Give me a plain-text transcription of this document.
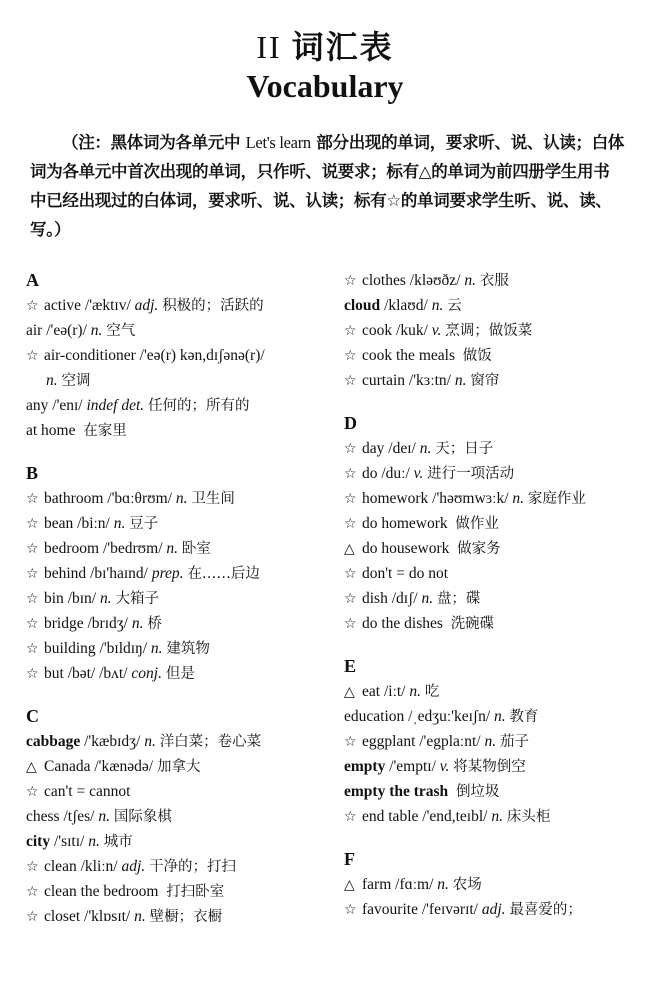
II 词汇表
Vocabulary
（注：黑体词为各单元中 Let's learn 部分出现的单词，要求听、说、认读；白体词为各单元中首次出现的单词，只作听、说要求；标有△的单词为前四册学生用书中已经出现过的白体词，要求听、说、认读；标有☆的单词要求学生听、说、读、写。）
A
☆ active /'æktɪv/ adj. 积极的；活跃的
air /'eə(r)/ n. 空气
☆ air-conditioner /'eə(r) kən,dɪʃənə(r)/
n. 空调
any /'enɪ/ indef det. 任何的；所有的
at home  在家里
B
☆ bathroom /'bɑːθrʊm/ n. 卫生间
☆ bean /biːn/ n. 豆子
☆ bedroom /'bedrʊm/ n. 卧室
☆ behind /bɪ'haɪnd/ prep. 在……后边
☆ bin /bɪn/ n. 大箱子
☆ bridge /brɪdʒ/ n. 桥
☆ building /'bɪldɪŋ/ n. 建筑物
☆ but /bət/ /bʌt/ conj. 但是
C
cabbage /'kæbɪdʒ/ n. 洋白菜；卷心菜
△ Canada /'kænədə/ 加拿大
☆ can't = cannot
chess /tʃes/ n. 国际象棋
city /'sɪtɪ/ n. 城市
☆ clean /kliːn/ adj. 干净的；打扫
☆ clean the bedroom  打扫卧室
☆ closet /'klɒsɪt/ n. 壁橱；衣橱
☆ clothes /kləʊðz/ n. 衣服
cloud /klaʊd/ n. 云
☆ cook /kuk/ v. 烹调；做饭菜
☆ cook the meals  做饭
☆ curtain /'kɜːtn/ n. 窗帘
D
☆ day /deɪ/ n. 天；日子
☆ do /duː/ v. 进行一项活动
☆ homework /'həʊmwɜːk/ n. 家庭作业
☆ do homework  做作业
△ do housework  做家务
☆ don't = do not
☆ dish /dɪʃ/ n. 盘；碟
☆ do the dishes  洗碗碟
E
△ eat /iːt/ n. 吃
education /ˌedʒuː'keɪʃn/ n. 教育
☆ eggplant /'egplaːnt/ n. 茄子
empty /'emptɪ/ v. 将某物倒空
empty the trash  倒垃圾
☆ end table /'end,teɪbl/ n. 床头柜
F
△ farm /fɑːm/ n. 农场
☆ favourite /'feɪvərɪt/ adj. 最喜爱的；
